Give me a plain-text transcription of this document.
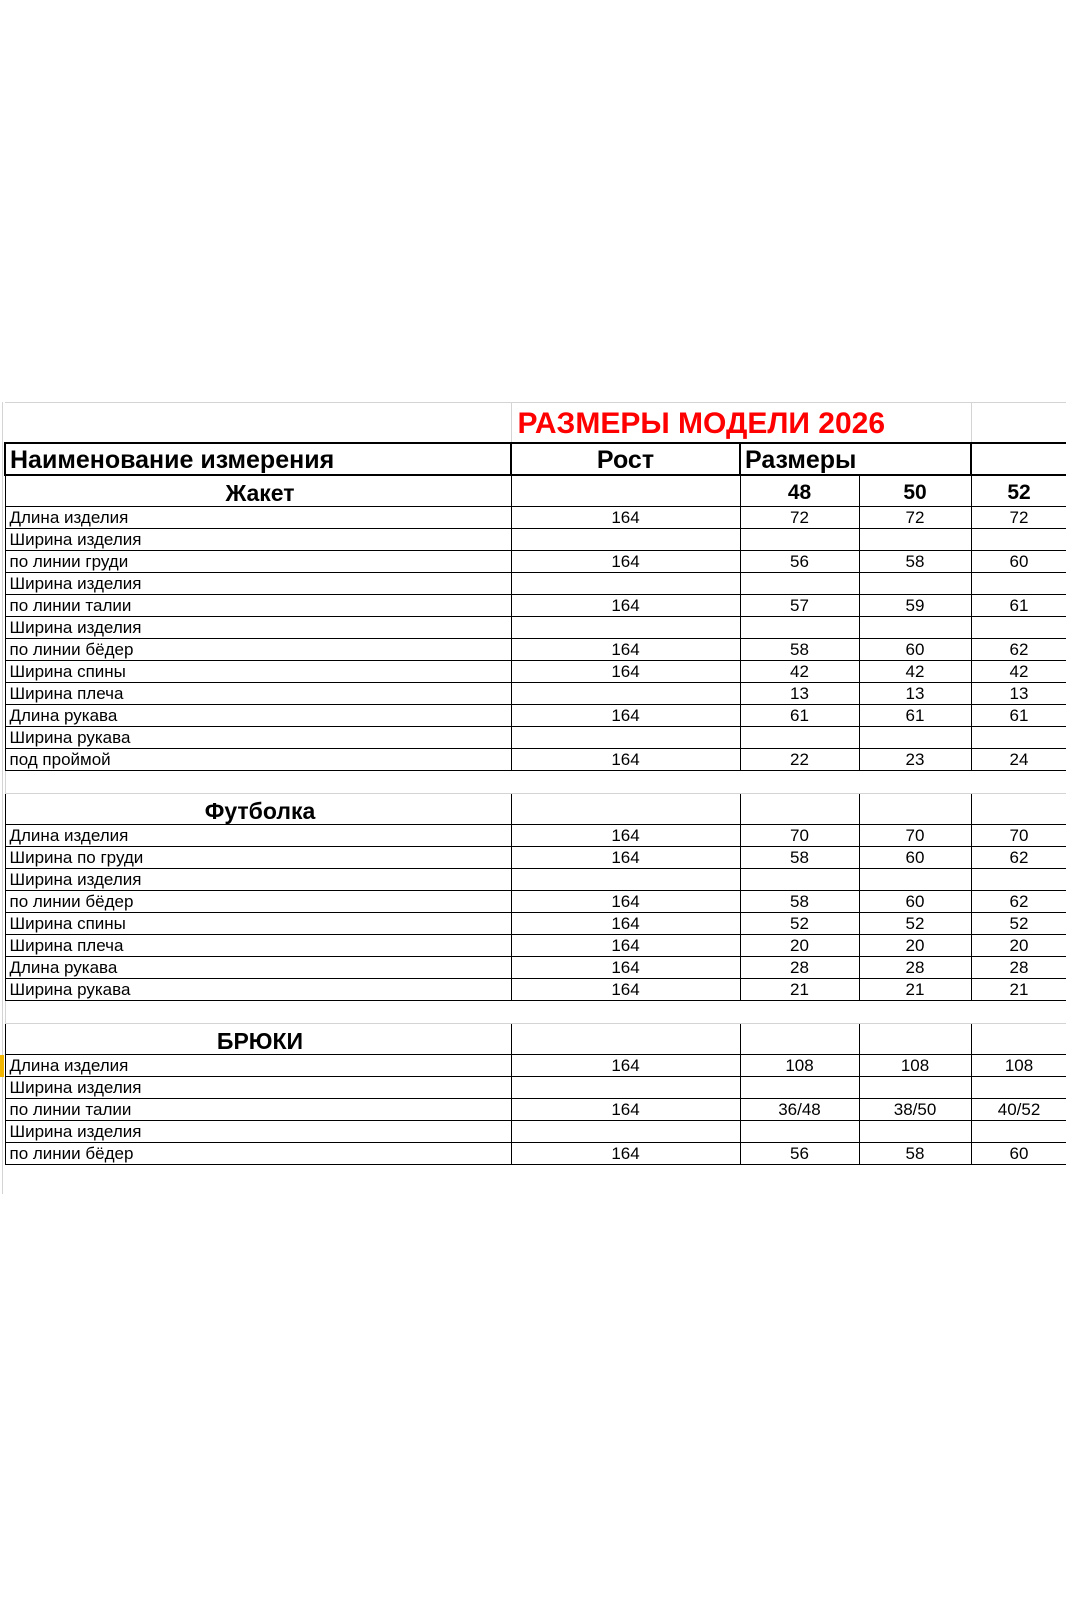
	РАЗМЕРЫ МОДЕЛИ 2026			
Наименование измерения	Рост	Размеры		
Жакет		48	50	52
Длина изделия	164	72	72	72
Ширина изделия				
по линии груди	164	56	58	60
Ширина изделия				
по линии талии	164	57	59	61
Ширина изделия				
по линии бёдер	164	58	60	62
Ширина спины	164	42	42	42
Ширина плеча		13	13	13
Длина рукава	164	61	61	61
Ширина рукава				
под проймой	164	22	23	24

Футболка				
Длина изделия	164	70	70	70
Ширина по груди	164	58	60	62
Ширина изделия				
по линии бёдер	164	58	60	62
Ширина спины	164	52	52	52
Ширина плеча	164	20	20	20
Длина рукава	164	28	28	28
Ширина рукава	164	21	21	21

БРЮКИ				
Длина изделия	164	108	108	108
Ширина изделия				
по линии талии	164	36/48	38/50	40/52
Ширина изделия				
по линии бёдер	164	56	58	60
